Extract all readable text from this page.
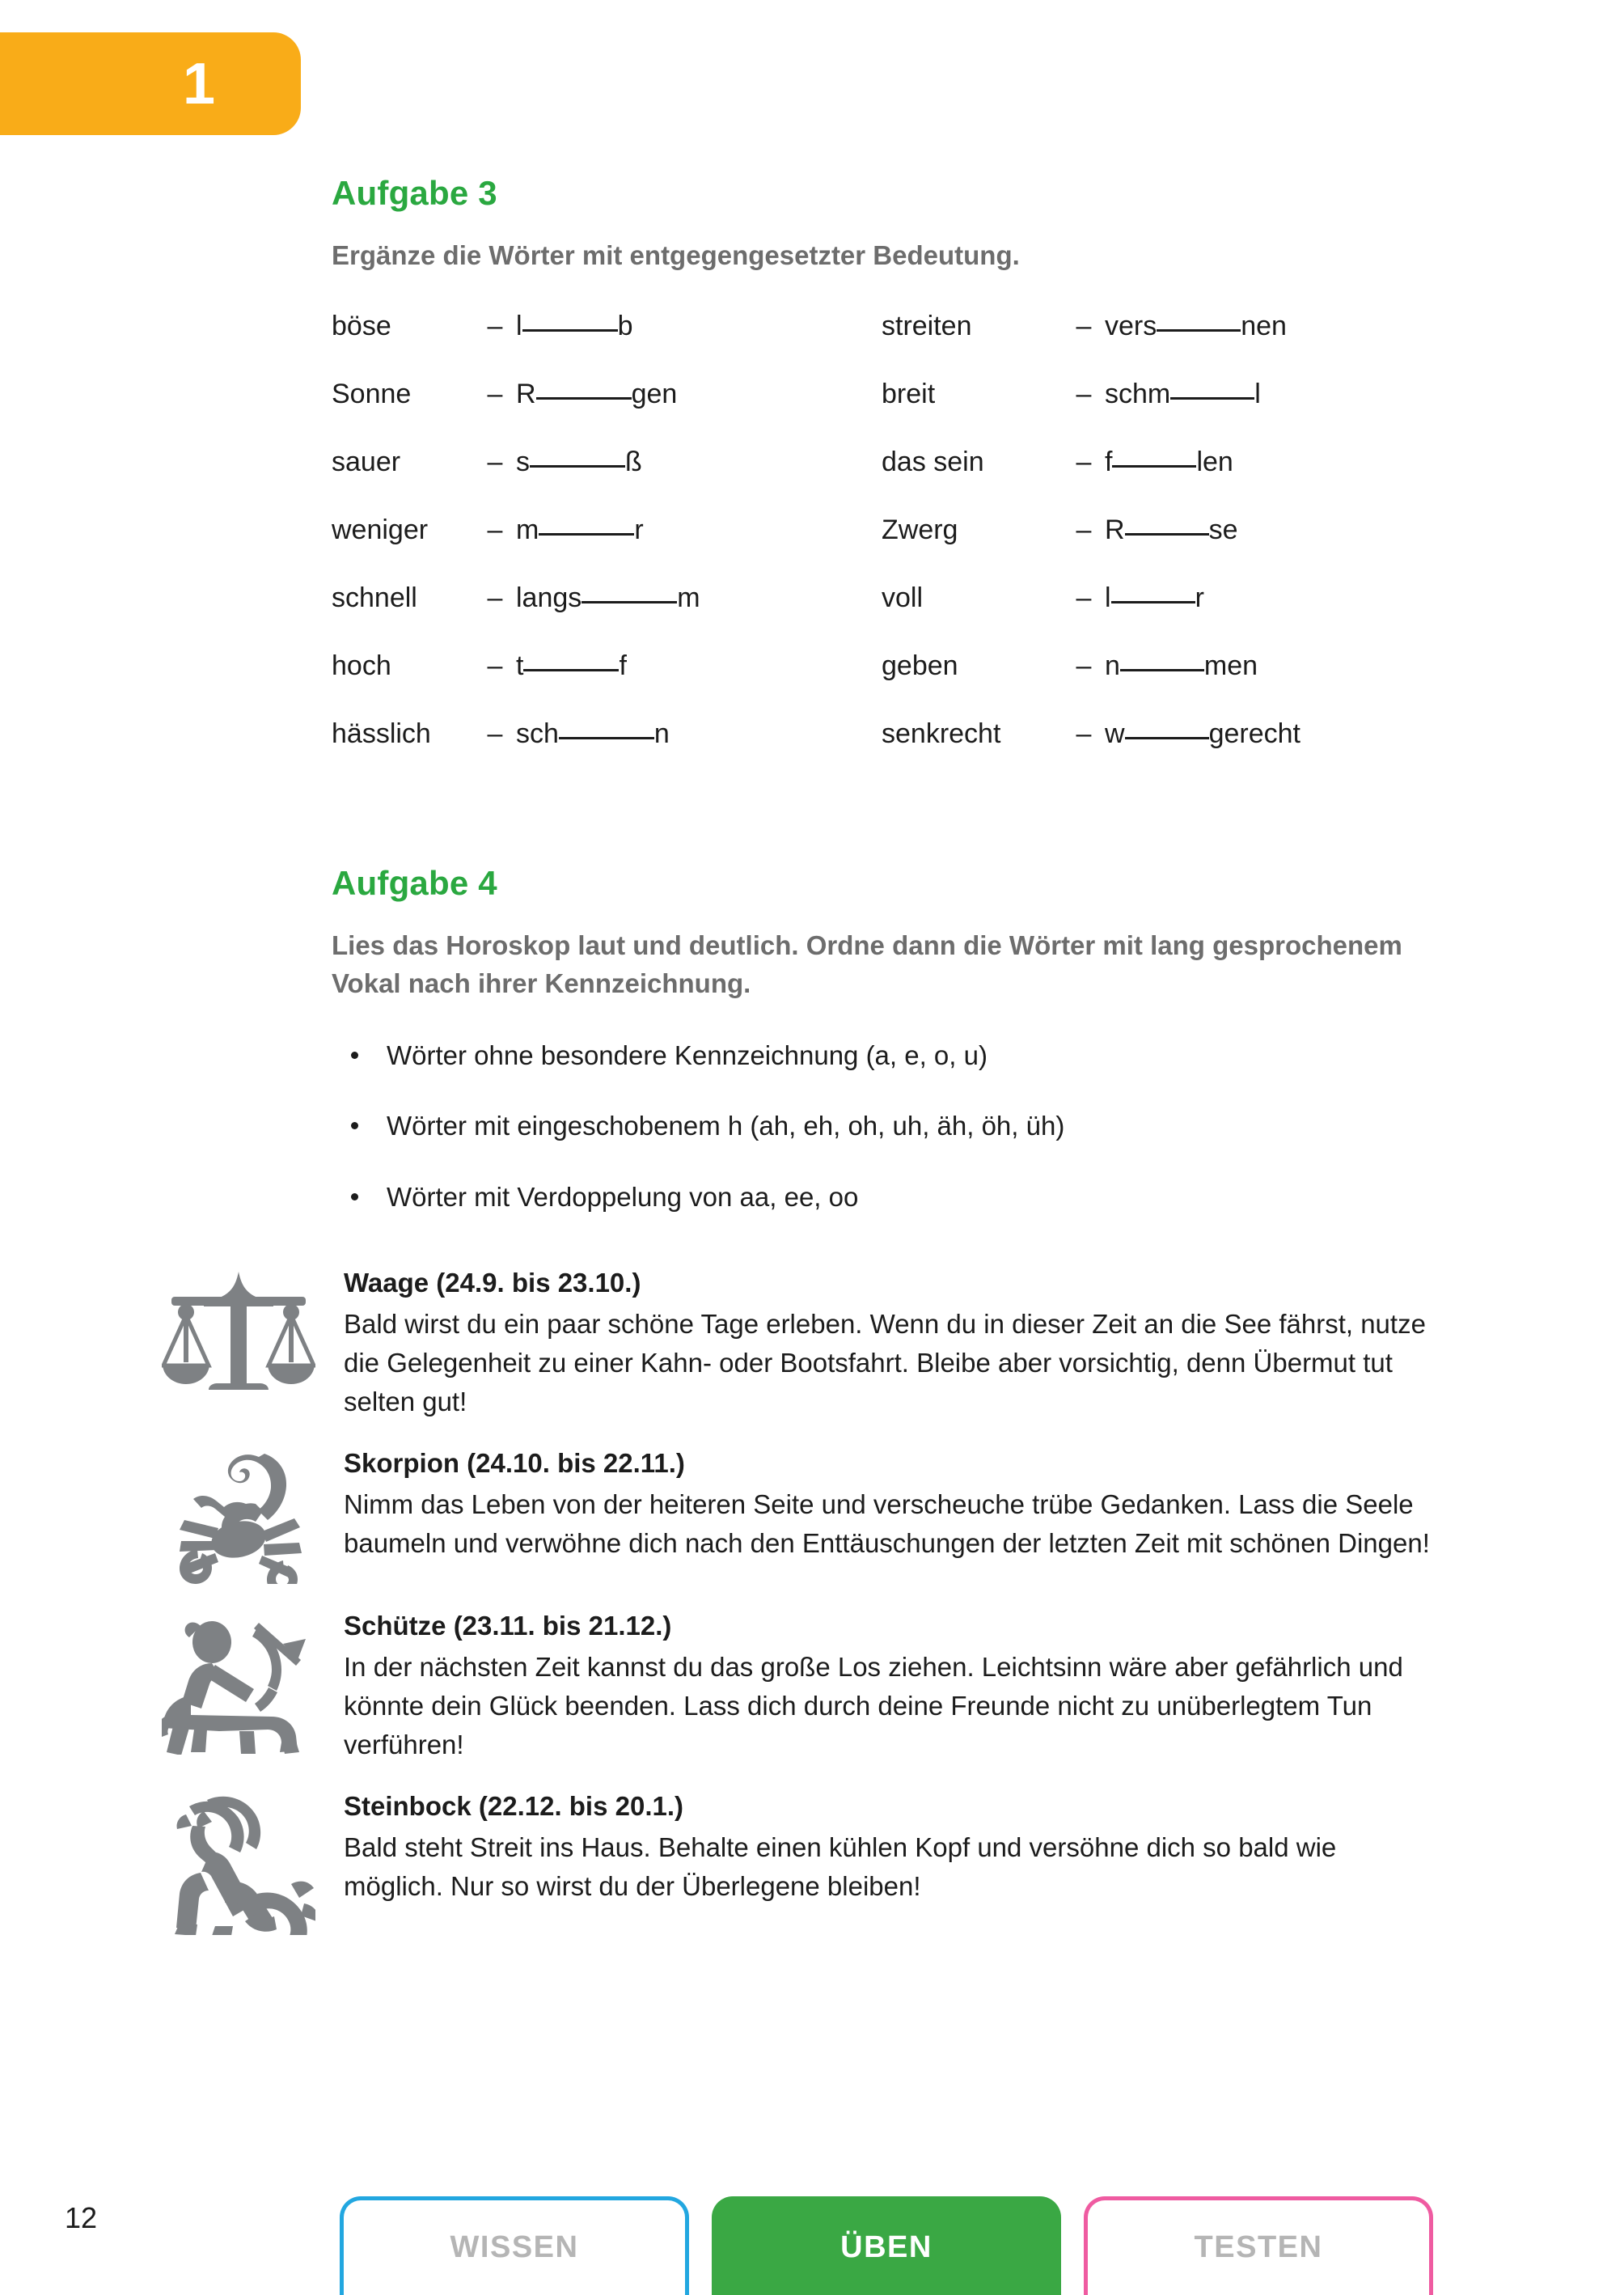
1
Aufgabe 3

Ergänze die Wörter mit entgegengesetzter Bedeutung.

böse	– l	b
Sonne	– R	gen
sauer	– s	ß
weniger	– m	r
schnell	– langs	m
hoch	– t	f
hässlich	– sch	n
streiten	– vers	nen
breit	– schm	l
das sein	– f	len
Zwerg	– R	se
voll	– l	r
geben	– n	men
senkrecht	– w	gerecht
Aufgabe 4

Lies das Horoskop laut und deutlich. Ordne dann die Wörter mit lang gesprochenem Vokal nach ihrer Kennzeichnung.

Wörter ohne besondere Kennzeichnung (a, e, o, u)
Wörter mit eingeschobenem h (ah, eh, oh, uh, äh, öh, üh)
Wörter mit Verdoppelung von aa, ee, oo

Waage (24.9. bis 23.10.)

Bald wirst du ein paar schöne Tage erleben. Wenn du in dieser Zeit an die See fährst, nutze die Gelegenheit zu einer Kahn- oder Bootsfahrt. Bleibe aber vorsichtig, denn Übermut tut selten gut!

Skorpion (24.10. bis 22.11.)

Nimm das Leben von der heiteren Seite und verscheuche trübe Gedanken. Lass die Seele baumeln und verwöhne dich nach den Enttäuschungen der letzten Zeit mit schönen Dingen!

Schütze (23.11. bis 21.12.)

In der nächsten Zeit kannst du das große Los ziehen. Leichtsinn wäre aber gefährlich und könnte dein Glück beenden. Lass dich durch deine Freunde nicht zu unüberlegtem Tun verführen!

Steinbock (22.12. bis 20.1.)

Bald steht Streit ins Haus. Behalte einen kühlen Kopf und versöhne dich so bald wie möglich. Nur so wirst du der Überlegene bleiben!

12
WISSEN	ÜBEN	TESTEN
